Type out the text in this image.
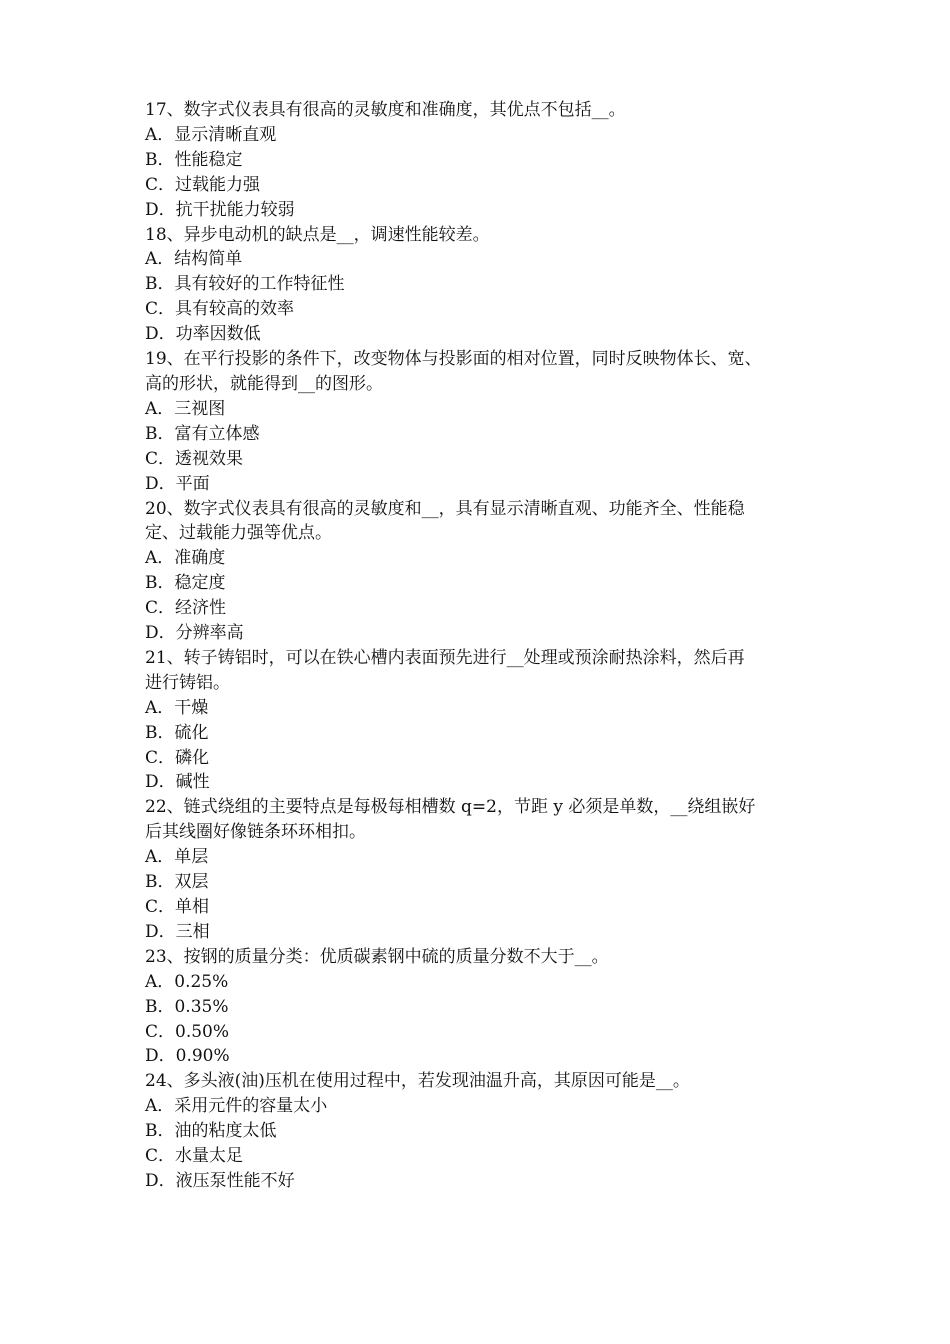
17、数字式仪表具有很高的灵敏度和准确度，其优点不包括__。

A．显示清晰直观

B．性能稳定

C．过载能力强

D．抗干扰能力较弱

18、异步电动机的缺点是__，调速性能较差。

A．结构简单

B．具有较好的工作特征性

C．具有较高的效率

D．功率因数低

19、在平行投影的条件下，改变物体与投影面的相对位置，同时反映物体长、宽、

高的形状，就能得到__的图形。

A．三视图

B．富有立体感

C．透视效果

D．平面

20、数字式仪表具有很高的灵敏度和__，具有显示清晰直观、功能齐全、性能稳

定、过载能力强等优点。

A．准确度

B．稳定度

C．经济性

D．分辨率高

21、转子铸铝时，可以在铁心槽内表面预先进行__处理或预涂耐热涂料，然后再

进行铸铝。

A．干燥

B．硫化

C．磷化

D．碱性

22、链式绕组的主要特点是每极每相槽数 q=2，节距 y 必须是单数，__绕组嵌好

后其线圈好像链条环环相扣。

A．单层

B．双层

C．单相

D．三相

23、按钢的质量分类：优质碳素钢中硫的质量分数不大于__。

A．0.25%

B．0.35%

C．0.50%

D．0.90%

24、多头液(油)压机在使用过程中，若发现油温升高，其原因可能是__。

A．采用元件的容量太小

B．油的粘度太低

C．水量太足

D．液压泵性能不好
